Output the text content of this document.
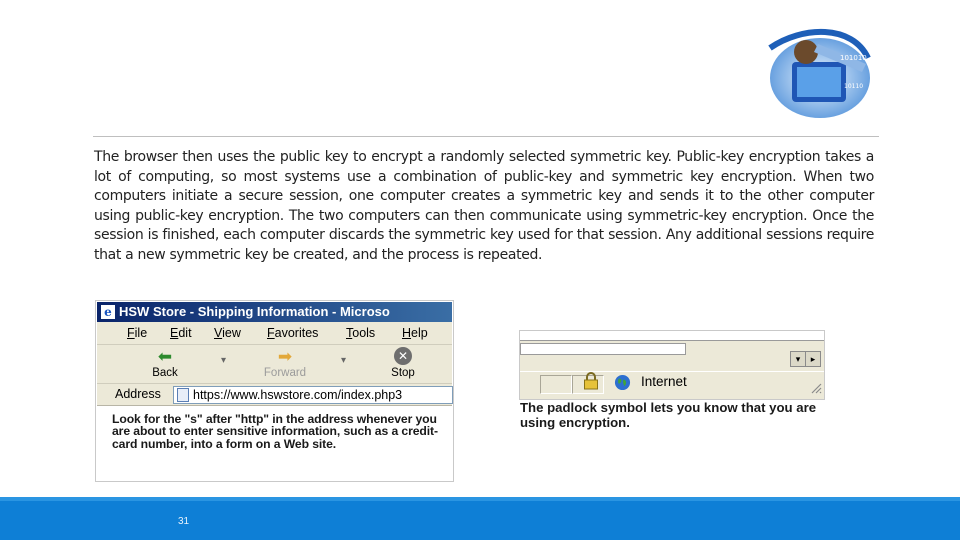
101010
10110

The browser then uses the public key to encrypt a randomly selected symmetric key. Public-key encryption takes a lot of computing, so most systems use a combination of public-key and symmetric key encryption. When two computers initiate a secure session, one computer creates a symmetric key and sends it to the other computer using public-key encryption. The two computers can then communicate using symmetric-key encryption. Once the session is finished, each computer discards the symmetric key used for that session. Any additional sessions require that a new symmetric key be created, and the process is repeated.

e HSW Store - Shipping Information - Microso
File Edit View Favorites Tools Help
⬅
Back
▾	➡
Forward
▾	✕
Stop
Address	https://www.hswstore.com/index.php3

Look for the "s" after "http" in the address whenever you are about to enter sensitive information, such as a credit-card number, into a form on a Web site.

▾	▸
Internet

The padlock symbol lets you know that you are using encryption.

31
